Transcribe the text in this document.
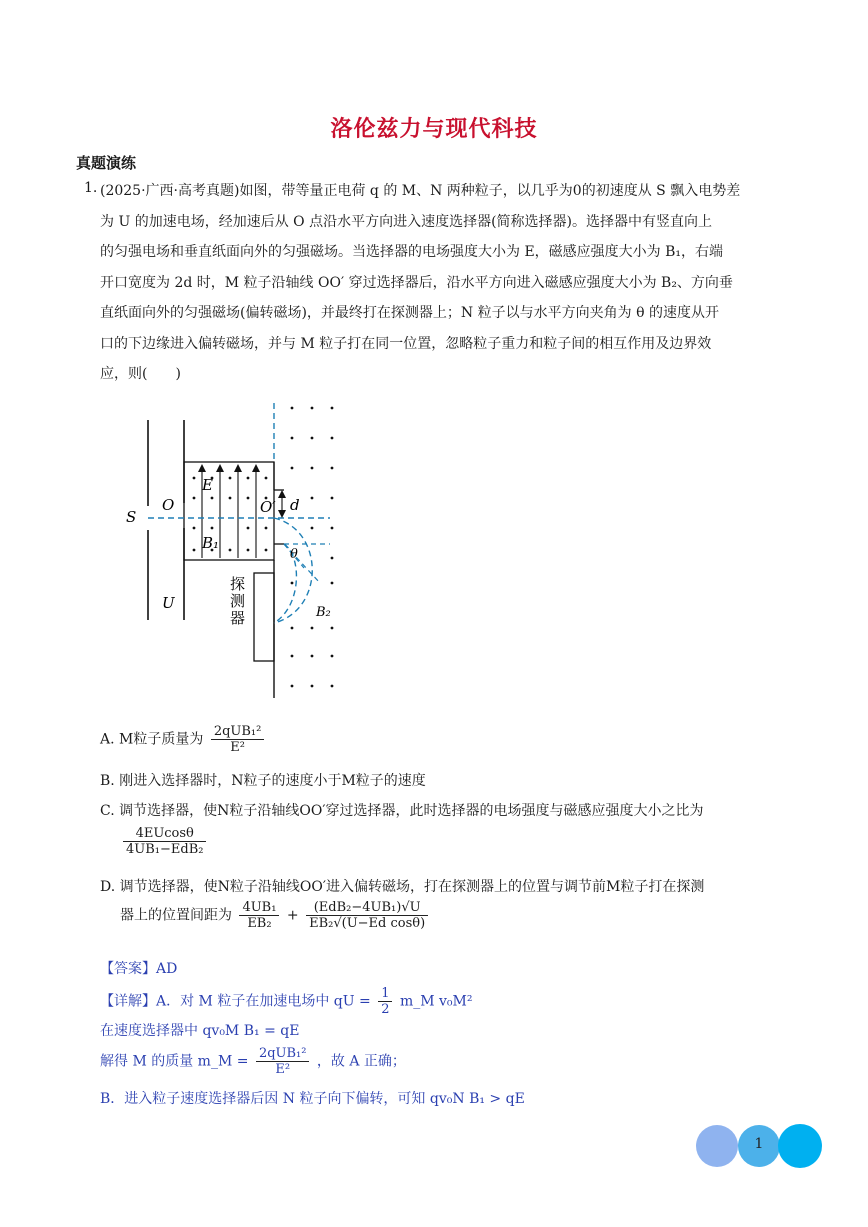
洛伦兹力与现代科技
真题演练
1. (2025·广西·高考真题)如图，带等量正电荷 q 的 M、N 两种粒子，以几乎为0的初速度从 S 飘入电势差
为 U 的加速电场，经加速后从 O 点沿水平方向进入速度选择器(简称选择器)。选择器中有竖直向上
的匀强电场和垂直纸面向外的匀强磁场。当选择器的电场强度大小为 E，磁感应强度大小为 B₁，右端
开口宽度为 2d 时，M 粒子沿轴线 OO′ 穿过选择器后，沿水平方向进入磁感应强度大小为 B₂、方向垂
直纸面向外的匀强磁场(偏转磁场)，并最终打在探测器上；N 粒子以与水平方向夹角为 θ 的速度从开
口的下边缘进入偏转磁场，并与 M 粒子打在同一位置，忽略粒子重力和粒子间的相互作用及边界效
应，则(　　)
S
O	O′
U
E
B₁
B₂
d
θ
探
测
器
A. M粒子质量为 $\frac{\text{2qUB₁²}}{\text{E²}}$
B. 刚进入选择器时，N粒子的速度小于M粒子的速度
C. 调节选择器，使N粒子沿轴线OO′穿过选择器，此时选择器的电场强度与磁感应强度大小之比为
$\frac{4EUcos\theta}{\text{4UB₁−EdB₂}}$
D. 调节选择器，使N粒子沿轴线OO′进入偏转磁场，打在探测器上的位置与调节前M粒子打在探测
器上的位置间距为 $\frac{\text{4UB₁}}{\text{EB₂}} + \frac{\text{(EdB₂−4UB₁)√U}}{\text{EB₂√(U−Ed cosθ)}}$
【答案】AD
【详解】A．对 M 粒子在加速电场中 qU = $\frac{1}{2}$ m_M v₀M²
在速度选择器中 qv₀M B₁ = qE
解得 M 的质量 m_M = $\frac{\text{2qUB₁²}}{\text{E²}}$ ，故 A 正确；
B．进入粒子速度选择器后因 N 粒子向下偏转，可知 qv₀N B₁ > qE
1
